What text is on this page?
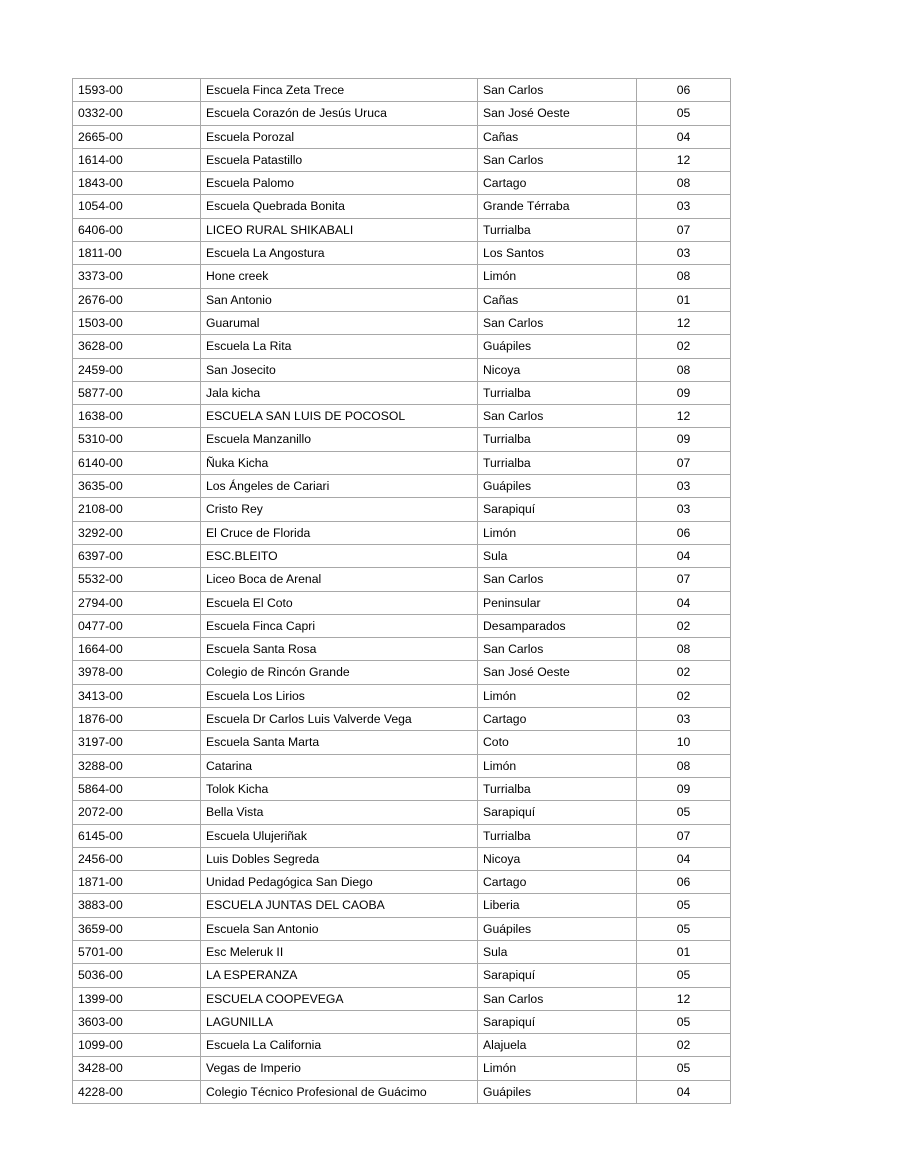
1593-00	Escuela Finca Zeta Trece	San Carlos	06
0332-00	Escuela Corazón de Jesús Uruca	San José Oeste	05
2665-00	Escuela Porozal	Cañas	04
1614-00	Escuela Patastillo	San Carlos	12
1843-00	Escuela Palomo	Cartago	08
1054-00	Escuela Quebrada Bonita	Grande Térraba	03
6406-00	LICEO RURAL SHIKABALI	Turrialba	07
1811-00	Escuela La Angostura	Los Santos	03
3373-00	Hone creek	Limón	08
2676-00	San Antonio	Cañas	01
1503-00	Guarumal	San Carlos	12
3628-00	Escuela La Rita	Guápiles	02
2459-00	San Josecito	Nicoya	08
5877-00	Jala kicha	Turrialba	09
1638-00	ESCUELA SAN LUIS DE POCOSOL	San Carlos	12
5310-00	Escuela Manzanillo	Turrialba	09
6140-00	Ñuka Kicha	Turrialba	07
3635-00	Los Ángeles de Cariari	Guápiles	03
2108-00	Cristo Rey	Sarapiquí	03
3292-00	El Cruce de Florida	Limón	06
6397-00	ESC.BLEITO	Sula	04
5532-00	Liceo Boca de Arenal	San Carlos	07
2794-00	Escuela El Coto	Peninsular	04
0477-00	Escuela Finca Capri	Desamparados	02
1664-00	Escuela Santa Rosa	San Carlos	08
3978-00	Colegio de Rincón Grande	San José Oeste	02
3413-00	Escuela Los Lirios	Limón	02
1876-00	Escuela Dr Carlos Luis Valverde Vega	Cartago	03
3197-00	Escuela Santa Marta	Coto	10
3288-00	Catarina	Limón	08
5864-00	Tolok Kicha	Turrialba	09
2072-00	Bella Vista	Sarapiquí	05
6145-00	Escuela Ulujeriñak	Turrialba	07
2456-00	Luis Dobles Segreda	Nicoya	04
1871-00	Unidad Pedagógica San Diego	Cartago	06
3883-00	ESCUELA JUNTAS DEL CAOBA	Liberia	05
3659-00	Escuela San Antonio	Guápiles	05
5701-00	Esc Meleruk II	Sula	01
5036-00	LA ESPERANZA	Sarapiquí	05
1399-00	ESCUELA COOPEVEGA	San Carlos	12
3603-00	LAGUNILLA	Sarapiquí	05
1099-00	Escuela La California	Alajuela	02
3428-00	Vegas de Imperio	Limón	05
4228-00	Colegio Técnico Profesional de Guácimo	Guápiles	04
